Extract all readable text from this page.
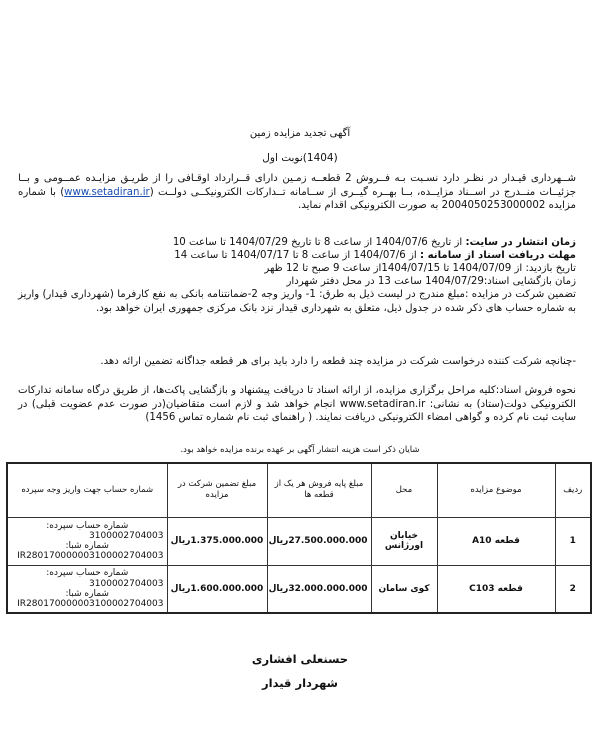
آگهی تجدید مزایده زمین
(1404)نوبت اول
شــهرداری قیـدار در نظـر دارد نسـبت بـه فــروش 2 قطعــه زمـین دارای قــرارداد اوقـافی را از طریـق مزایـده عمــومی و بــا جزئیــات منــدرج در اســناد مزایــده، بــا بهــره گیــری از ســامانه تــدارکات الکترونیکــی دولــت (www.setadiran.ir) با شماره مزایده 2004050253000002 به صورت الکترونیکی اقدام نماید.
زمان انتشار در سایت: از تاریخ 1404/07/6 از ساعت 8 تا تاریخ 1404/07/29 تا ساعت 10
مهلت دریافت اسناد از سامانه : از 1404/07/6 از ساعت 8 تا 1404/07/17 تا ساعت 14
تاریخ بازدید: از 1404/07/09 تا 1404/07/15از ساعت 9 صبح تا 12 ظهر
زمان بازگشایی اسناد:1404/07/29 ساعت 13 در محل دفتر شهردار
تضمین شرکت در مزایده :مبلغ مندرج در لیست ذیل به طرق: 1- واریز وجه 2-ضمانتنامه بانکی به نفع کارفرما (شهرداری قیدار) واریز به شماره حساب های ذکر شده در جدول ذیل، متعلق به شهرداری قیدار نزد بانک مرکزی جمهوری ایران خواهد بود.
-چنانچه شرکت کننده درخواست شرکت در مزایده چند قطعه را دارد باید برای هر قطعه جداگانه تضمین ارائه دهد.
نحوه فروش اسناد:کلیه مراحل برگزاری مزایده، از ارائه اسناد تا دریافت پیشنهاد و بازگشایی پاکت‌ها، از طریق درگاه سامانه تدارکات الکترونیکی دولت(ستاد) به نشانی: www.setadiran.ir انجام خواهد شد و لازم است متقاضیان(در صورت عدم عضویت قبلی) در سایت ثبت نام کرده و گواهی امضاء الکترونیکی دریافت نمایند. ( راهنمای ثبت نام شماره تماس 1456)
شایان ذکر است هزینه انتشار آگهی بر عهده برنده مزایده خواهد بود.
ردیف	موضوع مزایده	محل	مبلغ پایه فروش هر یک از قطعه ها	مبلغ تضمین شرکت در مزایده	شماره حساب جهت واریز وجه سپرده
1	قطعه A10	خیابان اورژانس	27.500.000.000ریال	1.375.000.000ریال	شماره حساب سپرده:

3100002704003
شماره شبا:
IR280170000003100002704003

2	قطعه C103	کوی سامان	32.000.000.000ریال	1.600.000.000ریال	شماره حساب سپرده:

3100002704003
شماره شبا:
IR280170000003100002704003
حسنعلی افشاری
شهردار قیدار
